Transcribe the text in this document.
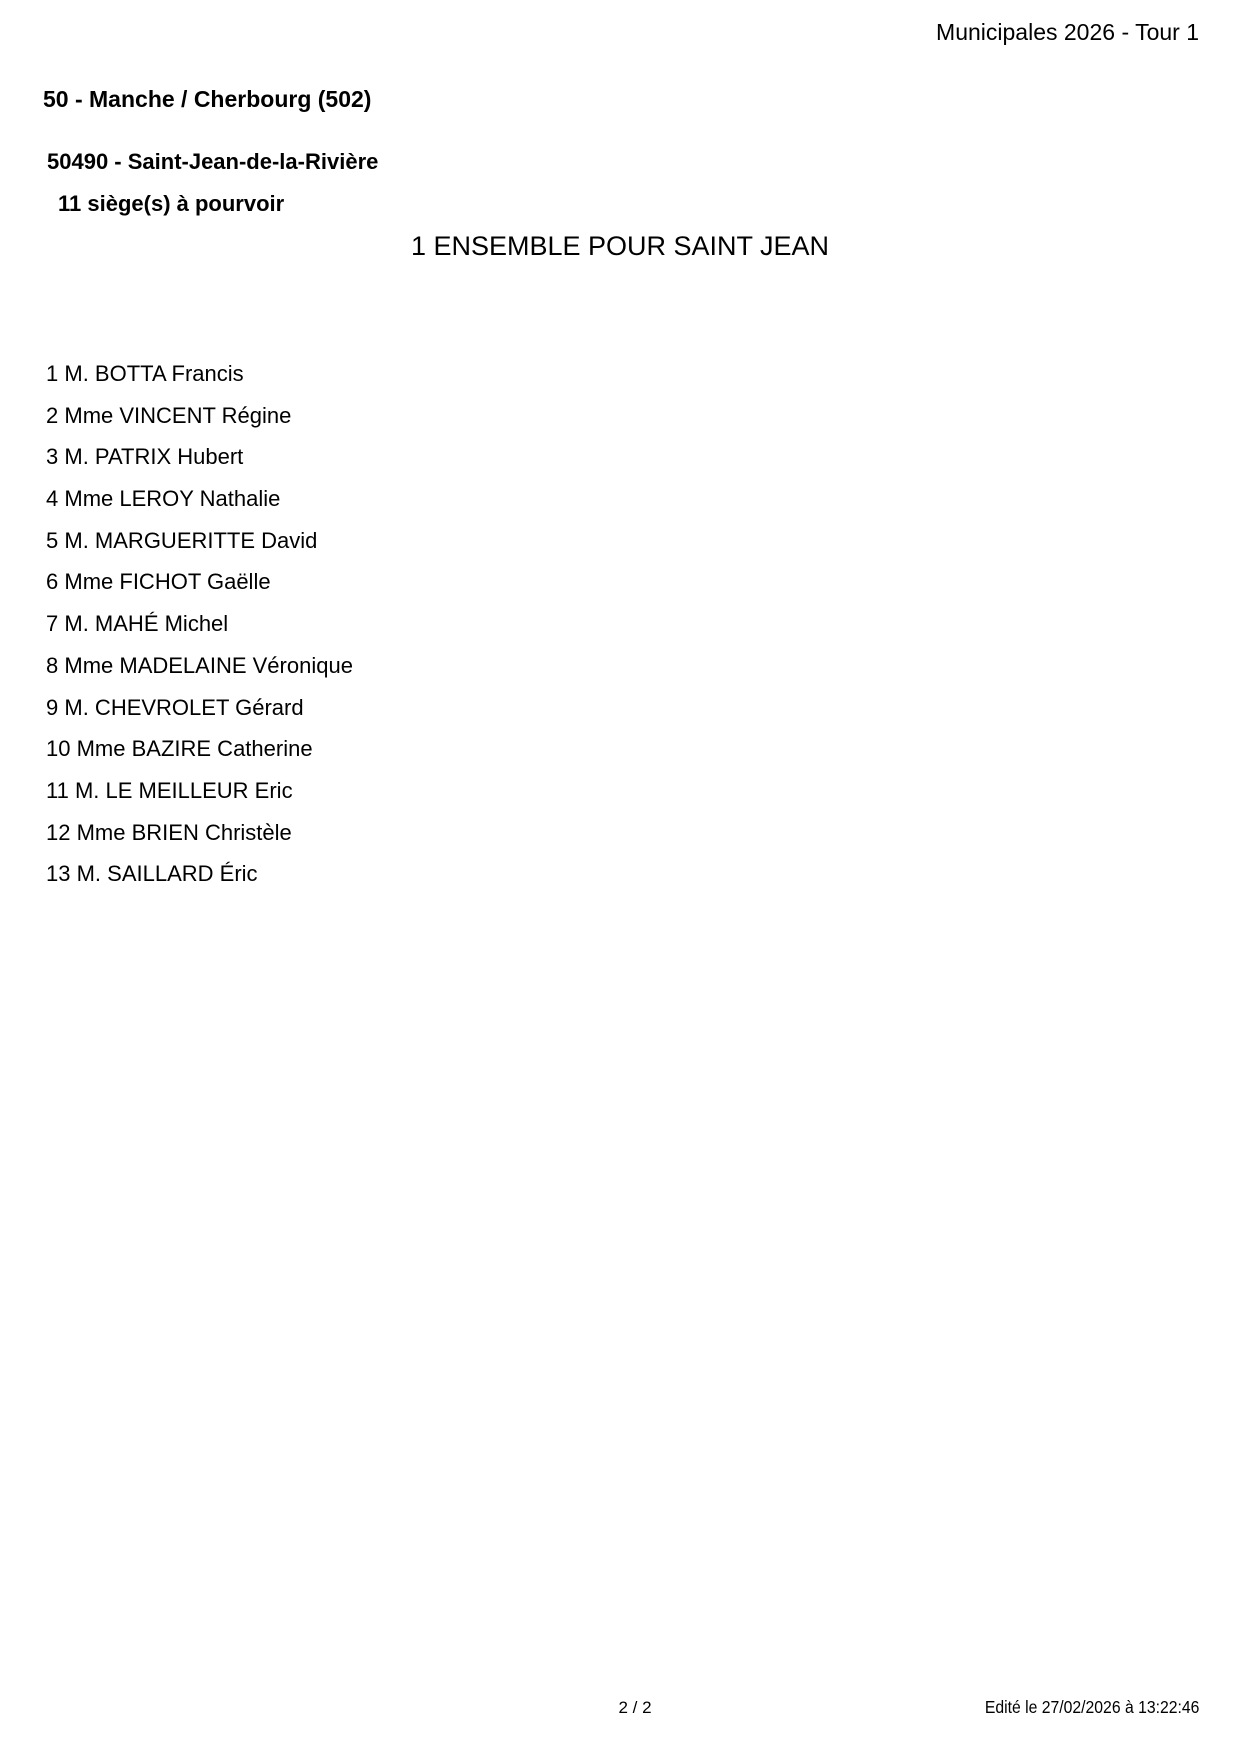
Municipales 2026 - Tour 1
50 - Manche / Cherbourg (502)
50490 - Saint-Jean-de-la-Rivière
11 siège(s) à pourvoir
1 ENSEMBLE POUR SAINT JEAN
1 M. BOTTA Francis
2 Mme VINCENT Régine
3 M. PATRIX Hubert
4 Mme LEROY Nathalie
5 M. MARGUERITTE David
6 Mme FICHOT Gaëlle
7 M. MAHÉ Michel
8 Mme MADELAINE Véronique
9 M. CHEVROLET Gérard
10 Mme BAZIRE Catherine
11 M. LE MEILLEUR Eric
12 Mme BRIEN Christèle
13 M. SAILLARD Éric
2 / 2	Edité le 27/02/2026 à 13:22:46
